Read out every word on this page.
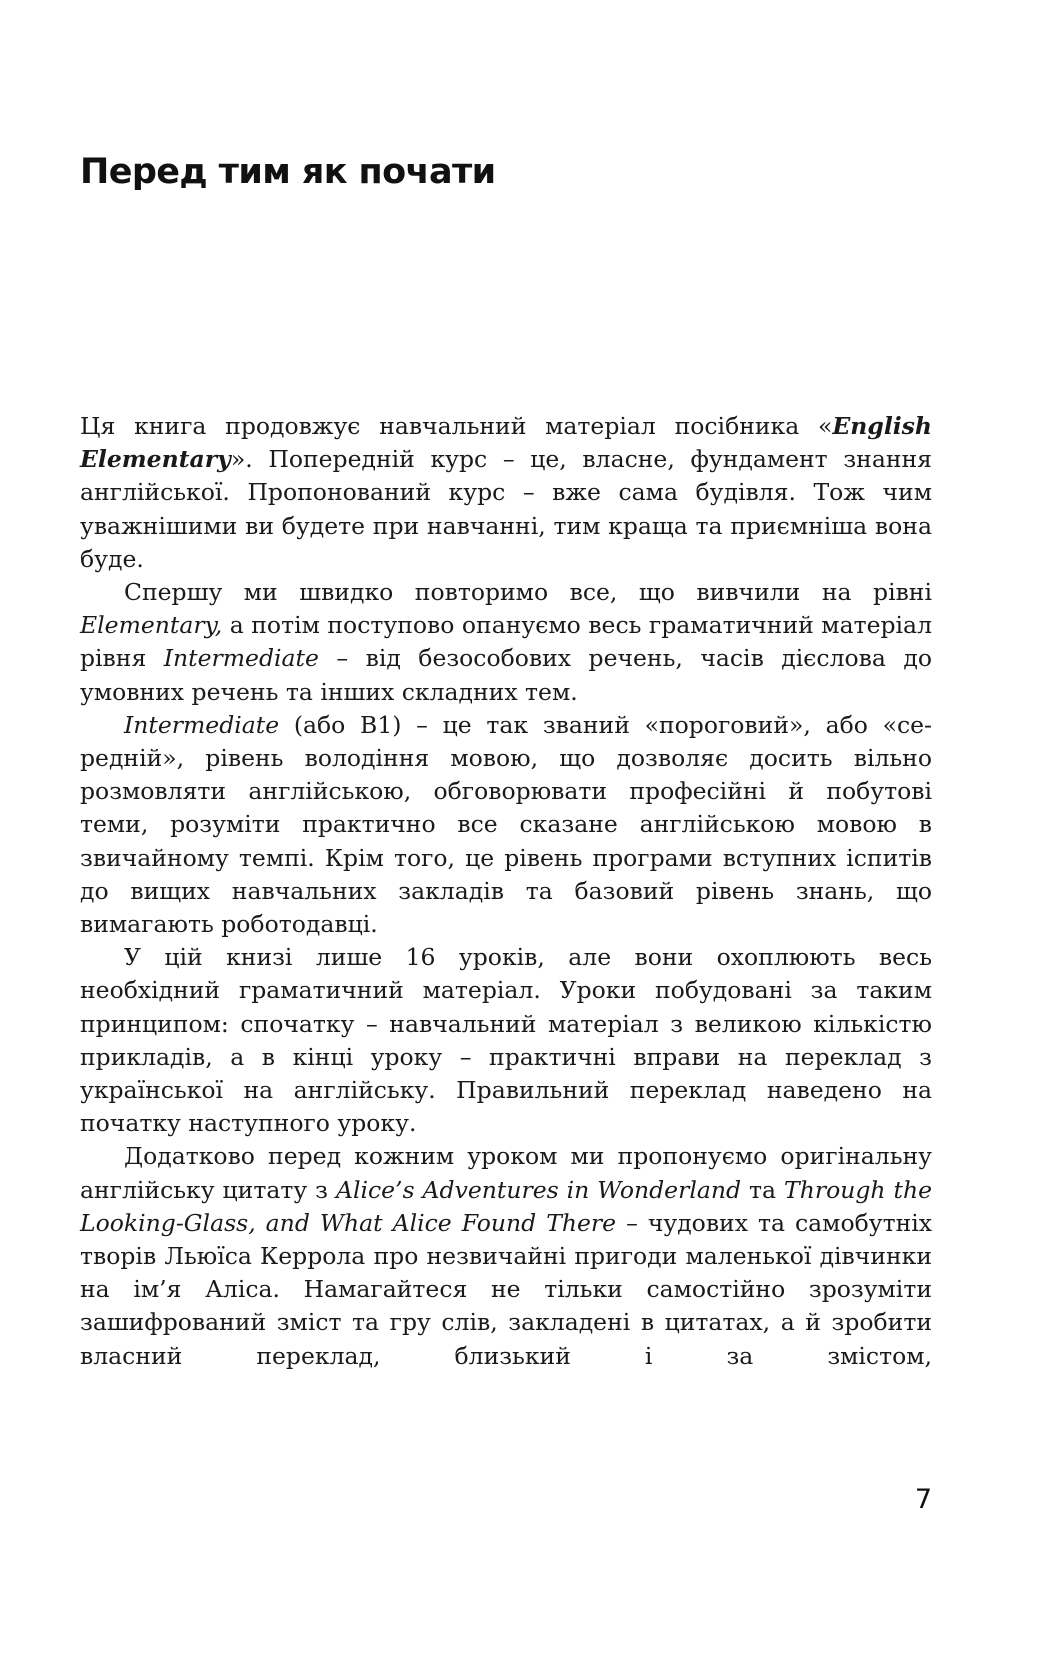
Перед тим як почати

Ця книга продовжує навчальний матеріал посібника «English Elementary». Попередній курс – це, власне, фундамент знання англійської. Пропонований курс – вже сама будівля. Тож чим уважнішими ви будете при навчанні, тим краща та приємніша вона буде.

Спершу ми швидко повторимо все, що вивчили на рівні Elementary, а потім поступово опануємо весь граматичний матеріал рівня Intermediate – від безособових речень, часів дієслова до умовних речень та інших складних тем.

Intermediate (або B1) – це так званий «пороговий», або «середній», рівень володіння мовою, що дозволяє досить вільно розмовляти англійською, обговорювати професійні й побутові теми, розуміти практично все сказане англійською мовою в звичайному темпі. Крім того, це рівень програми вступних іспитів до вищих навчальних закладів та базовий рівень знань, що вимагають роботодавці.

У цій книзі лише 16 уроків, але вони охоплюють весь необхідний граматичний матеріал. Уроки побудовані за таким принципом: спочатку – навчальний матеріал з великою кількістю прикладів, а в кінці уроку – практичні вправи на переклад з української на англійську. Правильний переклад наведено на початку наступного уроку.

Додатково перед кожним уроком ми пропонуємо оригінальну англійську цитату з Alice’s Adventures in Wonderland та Through the Looking-Glass, and What Alice Found There – чудових та самобутніх творів Льюїса Керрола про незвичайні пригоди маленької дівчинки на ім’я Аліса. Намагайтеся не тільки самостійно зрозуміти зашифрований зміст та гру слів, закладені в цитатах, а й зробити власний переклад, близький і за змістом,

7
